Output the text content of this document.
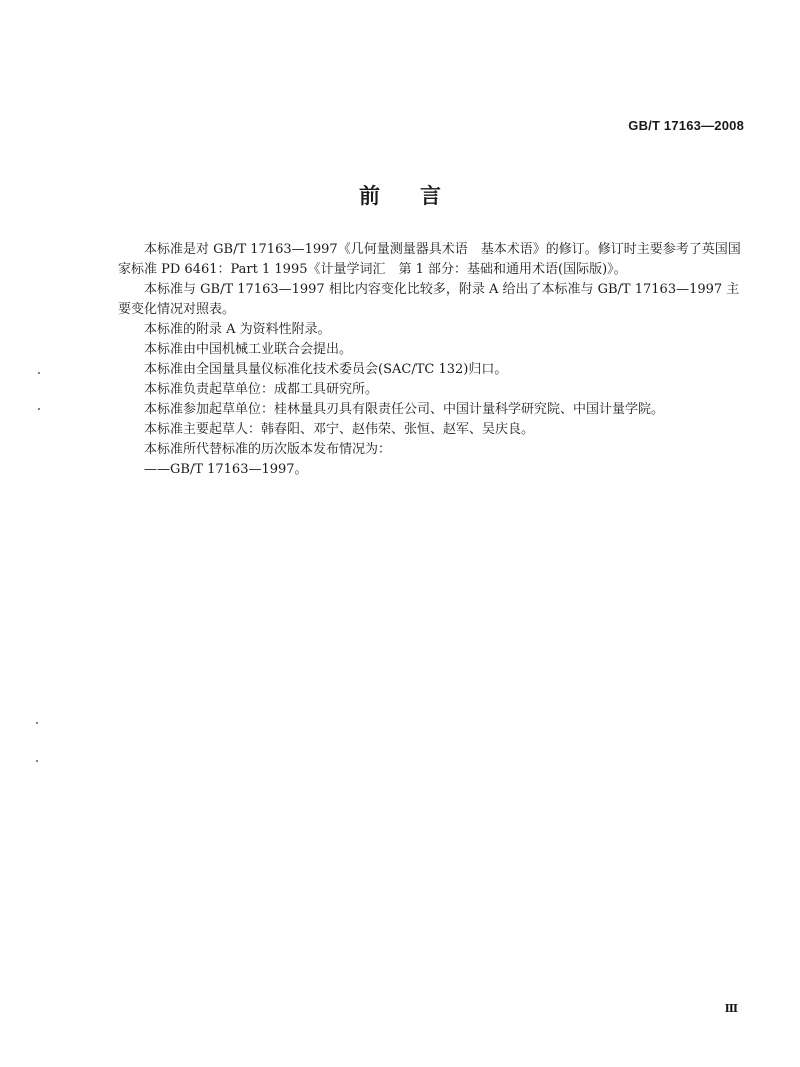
GB/T 17163—2008
前言

本标准是对 GB/T 17163—1997《几何量测量器具术语　基本术语》的修订。修订时主要参考了英国国家标准 PD 6461：Part 1 1995《计量学词汇　第 1 部分：基础和通用术语(国际版)》。

本标准与 GB/T 17163—1997 相比内容变化比较多，附录 A 给出了本标准与 GB/T 17163—1997 主要变化情况对照表。

本标准的附录 A 为资料性附录。

本标准由中国机械工业联合会提出。

本标准由全国量具量仪标准化技术委员会(SAC/TC 132)归口。

本标准负责起草单位：成都工具研究所。

本标准参加起草单位：桂林量具刃具有限责任公司、中国计量科学研究院、中国计量学院。

本标准主要起草人：韩春阳、邓宁、赵伟荣、张恒、赵军、吴庆良。

本标准所代替标准的历次版本发布情况为：

——GB/T 17163—1997。

Ⅲ
